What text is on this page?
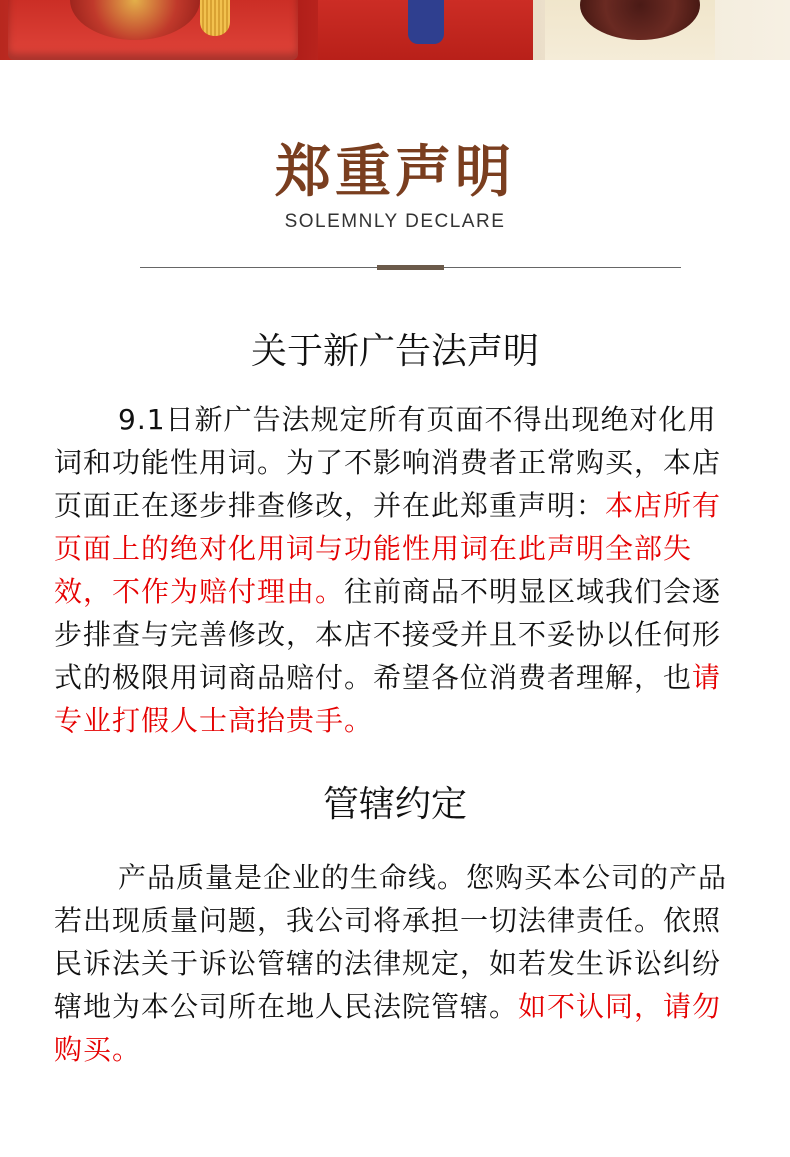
郑重声明
SOLEMNLY DECLARE
关于新广告法声明
9.1日新广告法规定所有页面不得出现绝对化用词和功能性用词。为了不影响消费者正常购买，本店页面正在逐步排查修改，并在此郑重声明：本店所有页面上的绝对化用词与功能性用词在此声明全部失效，不作为赔付理由。往前商品不明显区域我们会逐步排查与完善修改，本店不接受并且不妥协以任何形式的极限用词商品赔付。希望各位消费者理解，也请专业打假人士高抬贵手。
管辖约定
产品质量是企业的生命线。您购买本公司的产品若出现质量问题，我公司将承担一切法律责任。依照民诉法关于诉讼管辖的法律规定，如若发生诉讼纠纷辖地为本公司所在地人民法院管辖。如不认同，请勿购买。
